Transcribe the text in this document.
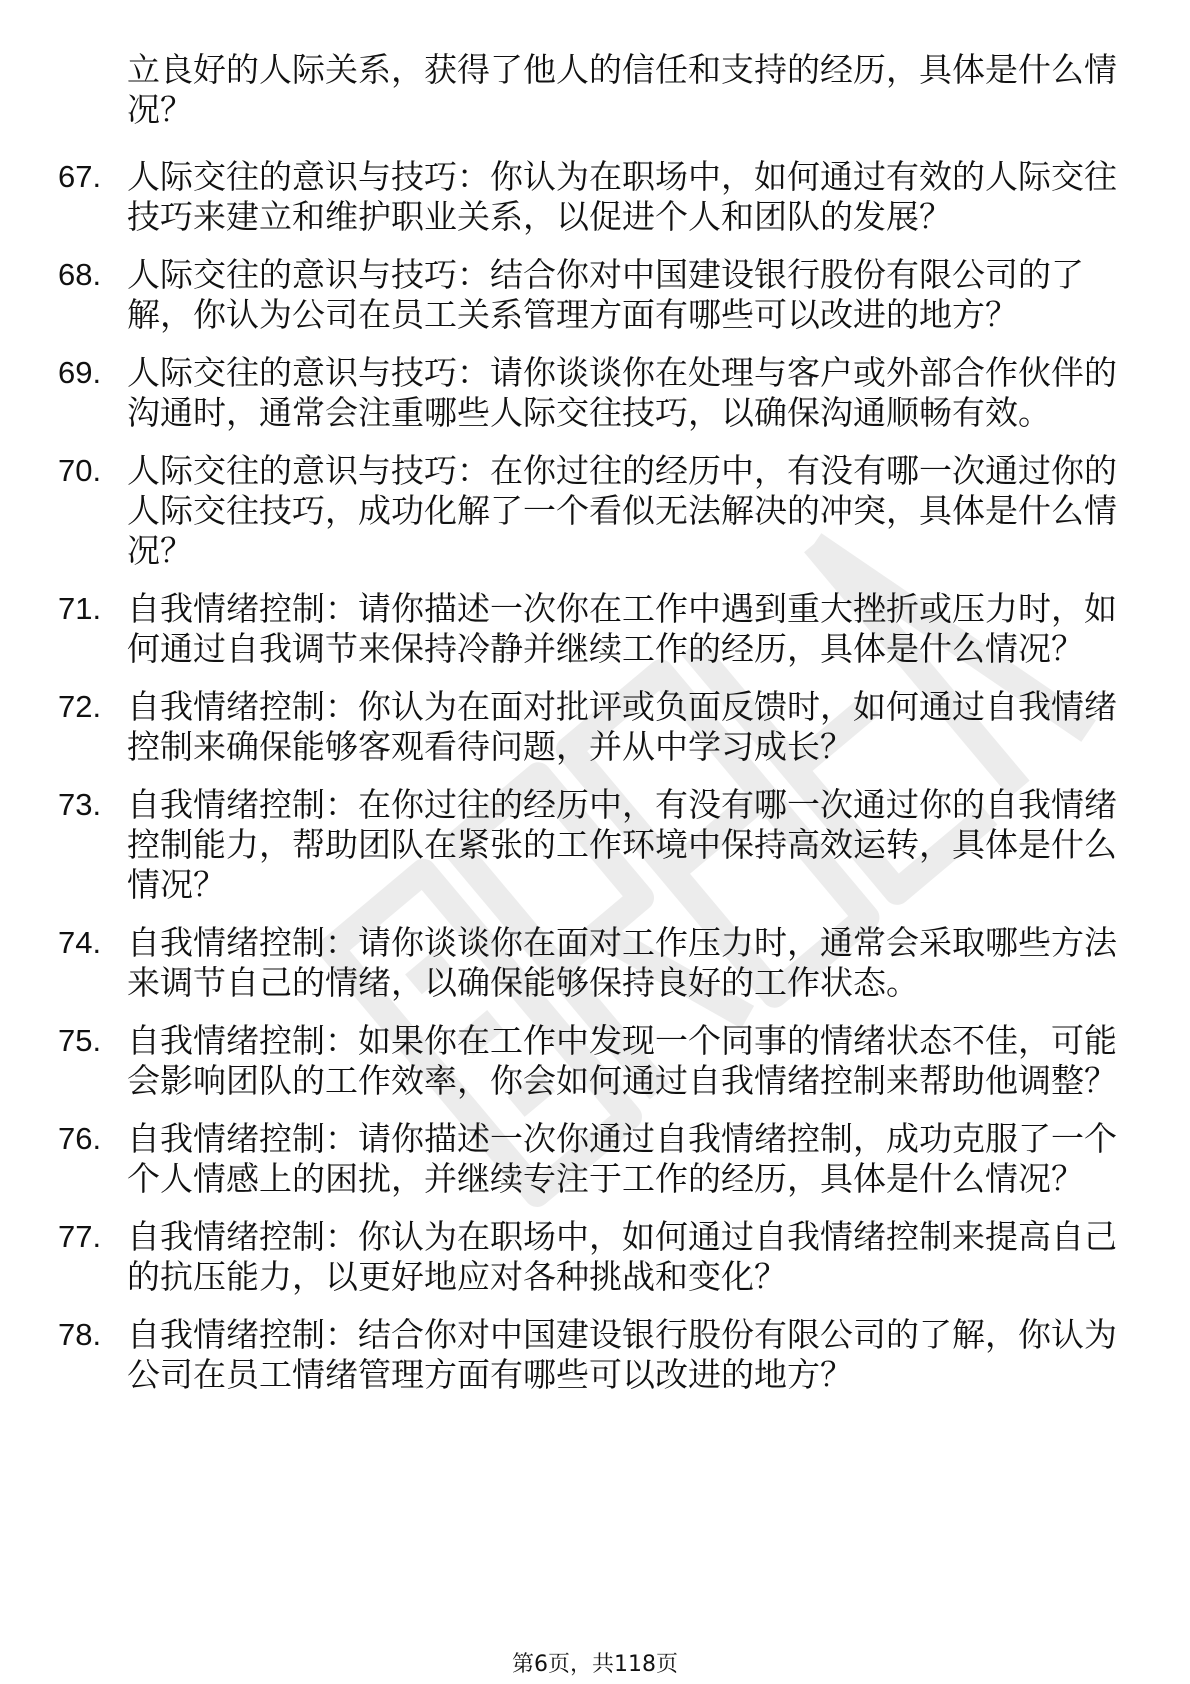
立良好的人际关系，获得了他人的信任和支持的经历，具体是什么情况？
67. 人际交往的意识与技巧：你认为在职场中，如何通过有效的人际交往技巧来建立和维护职业关系，以促进个人和团队的发展？
68. 人际交往的意识与技巧：结合你对中国建设银行股份有限公司的了解，你认为公司在员工关系管理方面有哪些可以改进的地方？
69. 人际交往的意识与技巧：请你谈谈你在处理与客户或外部合作伙伴的沟通时，通常会注重哪些人际交往技巧，以确保沟通顺畅有效。
70. 人际交往的意识与技巧：在你过往的经历中，有没有哪一次通过你的人际交往技巧，成功化解了一个看似无法解决的冲突，具体是什么情况？
71. 自我情绪控制：请你描述一次你在工作中遇到重大挫折或压力时，如何通过自我调节来保持冷静并继续工作的经历，具体是什么情况？
72. 自我情绪控制：你认为在面对批评或负面反馈时，如何通过自我情绪控制来确保能够客观看待问题，并从中学习成长？
73. 自我情绪控制：在你过往的经历中，有没有哪一次通过你的自我情绪控制能力，帮助团队在紧张的工作环境中保持高效运转，具体是什么情况？
74. 自我情绪控制：请你谈谈你在面对工作压力时，通常会采取哪些方法来调节自己的情绪，以确保能够保持良好的工作状态。
75. 自我情绪控制：如果你在工作中发现一个同事的情绪状态不佳，可能会影响团队的工作效率，你会如何通过自我情绪控制来帮助他调整？
76. 自我情绪控制：请你描述一次你通过自我情绪控制，成功克服了一个个人情感上的困扰，并继续专注于工作的经历，具体是什么情况？
77. 自我情绪控制：你认为在职场中，如何通过自我情绪控制来提高自己的抗压能力，以更好地应对各种挑战和变化？
78. 自我情绪控制：结合你对中国建设银行股份有限公司的了解，你认为公司在员工情绪管理方面有哪些可以改进的地方？
第6页，共118页
